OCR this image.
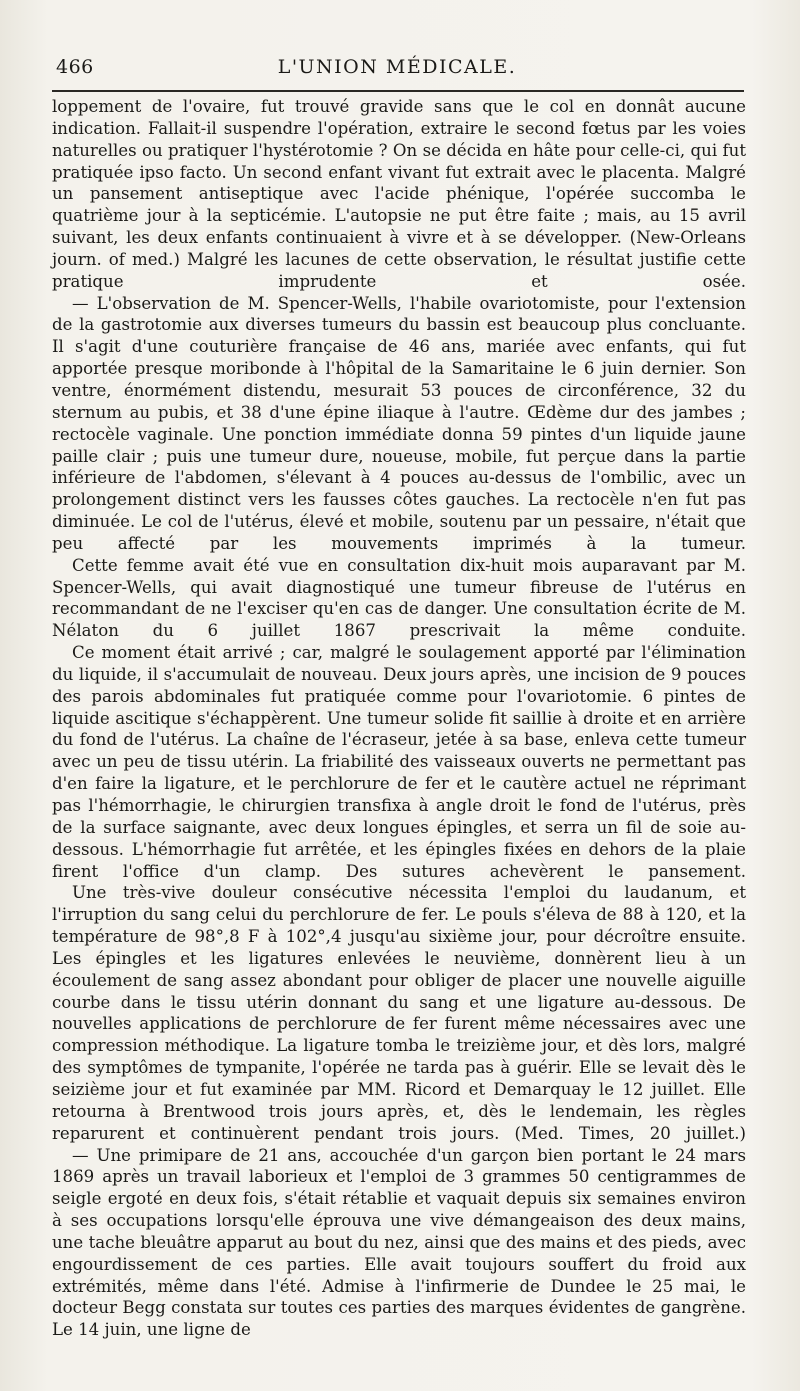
466	L'UNION MÉDICALE.

loppement de l'ovaire, fut trouvé gravide sans que le col en donnât aucune indication. Fallait-il suspendre l'opération, extraire le second fœtus par les voies naturelles ou pratiquer l'hystérotomie ? On se décida en hâte pour celle-ci, qui fut pratiquée ipso facto. Un second enfant vivant fut extrait avec le placenta. Malgré un pansement antiseptique avec l'acide phénique, l'opérée succomba le quatrième jour à la septicémie. L'autopsie ne put être faite ; mais, au 15 avril suivant, les deux enfants continuaient à vivre et à se développer. (New-Orleans journ. of med.) Malgré les lacunes de cette observation, le résultat justifie cette pratique imprudente et osée.

— L'observation de M. Spencer-Wells, l'habile ovariotomiste, pour l'extension de la gastrotomie aux diverses tumeurs du bassin est beaucoup plus concluante. Il s'agit d'une couturière française de 46 ans, mariée avec enfants, qui fut apportée presque moribonde à l'hôpital de la Samaritaine le 6 juin dernier. Son ventre, énormément distendu, mesurait 53 pouces de circonférence, 32 du sternum au pubis, et 38 d'une épine iliaque à l'autre. Œdème dur des jambes ; rectocèle vaginale. Une ponction immédiate donna 59 pintes d'un liquide jaune paille clair ; puis une tumeur dure, noueuse, mobile, fut perçue dans la partie inférieure de l'abdomen, s'élevant à 4 pouces au-dessus de l'ombilic, avec un prolongement distinct vers les fausses côtes gauches. La rectocèle n'en fut pas diminuée. Le col de l'utérus, élevé et mobile, soutenu par un pessaire, n'était que peu affecté par les mouvements imprimés à la tumeur.

Cette femme avait été vue en consultation dix-huit mois auparavant par M. Spencer-Wells, qui avait diagnostiqué une tumeur fibreuse de l'utérus en recommandant de ne l'exciser qu'en cas de danger. Une consultation écrite de M. Nélaton du 6 juillet 1867 prescrivait la même conduite.

Ce moment était arrivé ; car, malgré le soulagement apporté par l'élimination du liquide, il s'accumulait de nouveau. Deux jours après, une incision de 9 pouces des parois abdominales fut pratiquée comme pour l'ovariotomie. 6 pintes de liquide ascitique s'échappèrent. Une tumeur solide fit saillie à droite et en arrière du fond de l'utérus. La chaîne de l'écraseur, jetée à sa base, enleva cette tumeur avec un peu de tissu utérin. La friabilité des vaisseaux ouverts ne permettant pas d'en faire la ligature, et le perchlorure de fer et le cautère actuel ne réprimant pas l'hémorrhagie, le chirurgien transfixa à angle droit le fond de l'utérus, près de la surface saignante, avec deux longues épingles, et serra un fil de soie au-dessous. L'hémorrhagie fut arrêtée, et les épingles fixées en dehors de la plaie firent l'office d'un clamp. Des sutures achevèrent le pansement.

Une très-vive douleur consécutive nécessita l'emploi du laudanum, et l'irruption du sang celui du perchlorure de fer. Le pouls s'éleva de 88 à 120, et la température de 98°,8 F à 102°,4 jusqu'au sixième jour, pour décroître ensuite. Les épingles et les ligatures enlevées le neuvième, donnèrent lieu à un écoulement de sang assez abondant pour obliger de placer une nouvelle aiguille courbe dans le tissu utérin donnant du sang et une ligature au-dessous. De nouvelles applications de perchlorure de fer furent même nécessaires avec une compression méthodique. La ligature tomba le treizième jour, et dès lors, malgré des symptômes de tympanite, l'opérée ne tarda pas à guérir. Elle se levait dès le seizième jour et fut examinée par MM. Ricord et Demarquay le 12 juillet. Elle retourna à Brentwood trois jours après, et, dès le lendemain, les règles reparurent et continuèrent pendant trois jours. (Med. Times, 20 juillet.)

— Une primipare de 21 ans, accouchée d'un garçon bien portant le 24 mars 1869 après un travail laborieux et l'emploi de 3 grammes 50 centigrammes de seigle ergoté en deux fois, s'était rétablie et vaquait depuis six semaines environ à ses occupations lorsqu'elle éprouva une vive démangeaison des deux mains, une tache bleuâtre apparut au bout du nez, ainsi que des mains et des pieds, avec engourdissement de ces parties. Elle avait toujours souffert du froid aux extrémités, même dans l'été. Admise à l'infirmerie de Dundee le 25 mai, le docteur Begg constata sur toutes ces parties des marques évidentes de gangrène. Le 14 juin, une ligne de
